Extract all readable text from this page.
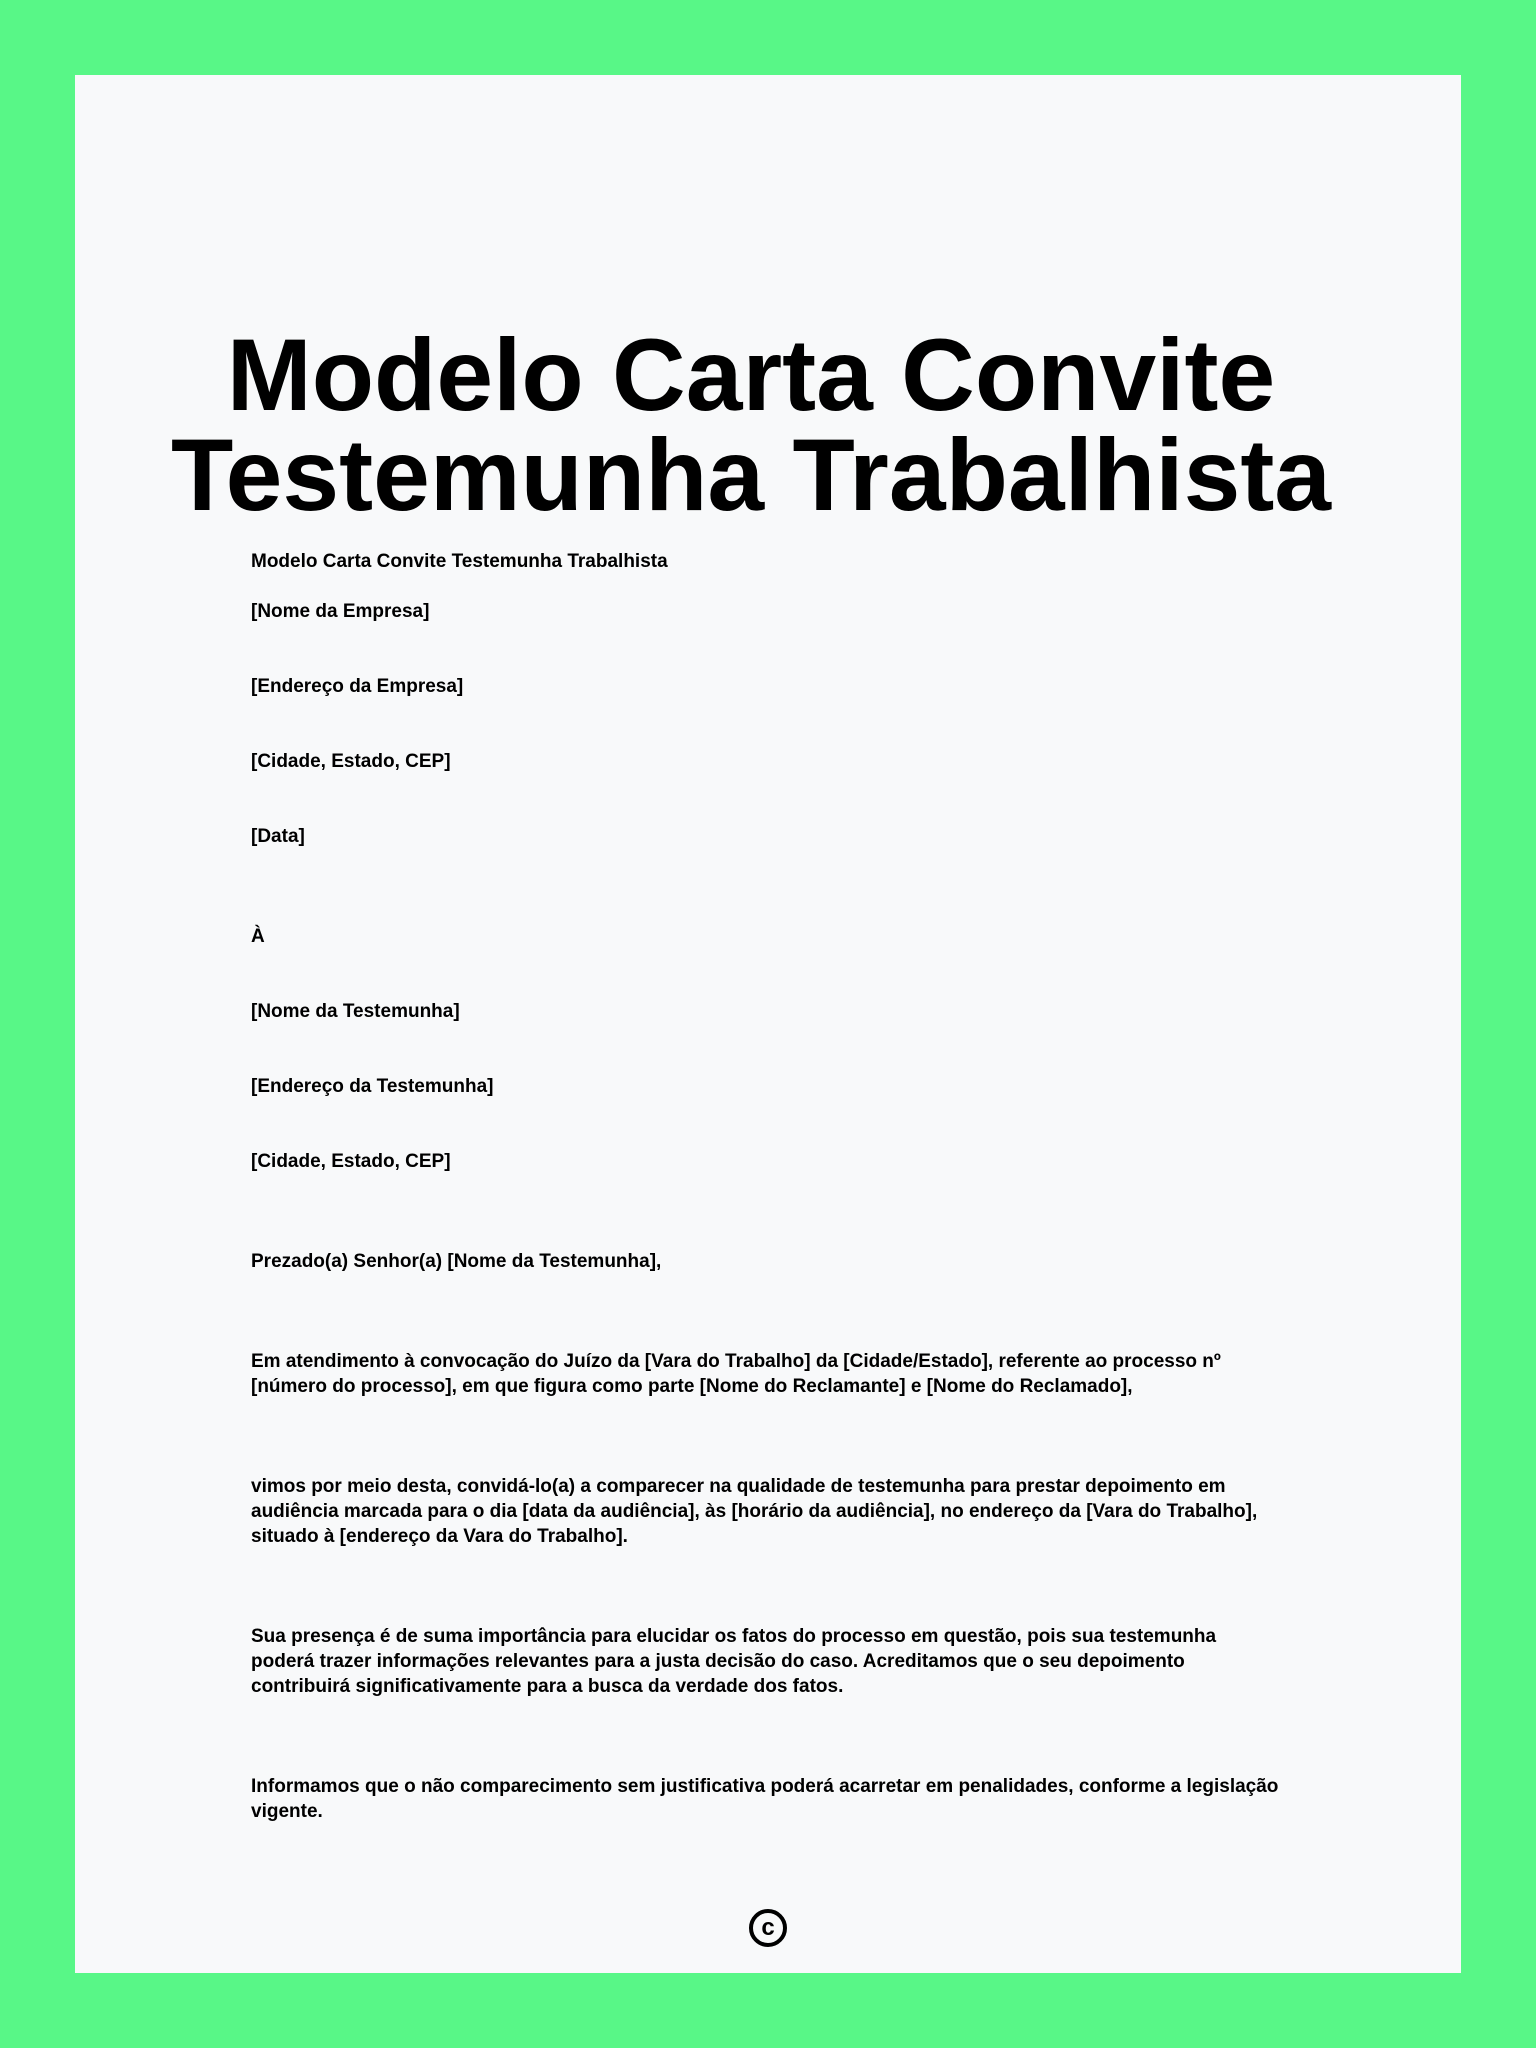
Modelo Carta Convite
Testemunha Trabalhista

Modelo Carta Convite Testemunha Trabalhista

[Nome da Empresa]

[Endereço da Empresa]

[Cidade, Estado, CEP]

[Data]

À

[Nome da Testemunha]

[Endereço da Testemunha]

[Cidade, Estado, CEP]

Prezado(a) Senhor(a) [Nome da Testemunha],

Em atendimento à convocação do Juízo da [Vara do Trabalho] da [Cidade/Estado], referente ao processo nº [número do processo], em que figura como parte [Nome do Reclamante] e [Nome do Reclamado],

vimos por meio desta, convidá-lo(a) a comparecer na qualidade de testemunha para prestar depoimento em audiência marcada para o dia [data da audiência], às [horário da audiência], no endereço da [Vara do Trabalho], situado à [endereço da Vara do Trabalho].

Sua presença é de suma importância para elucidar os fatos do processo em questão, pois sua testemunha poderá trazer informações relevantes para a justa decisão do caso. Acreditamos que o seu depoimento contribuirá significativamente para a busca da verdade dos fatos.

Informamos que o não comparecimento sem justificativa poderá acarretar em penalidades, conforme a legislação vigente.

c
